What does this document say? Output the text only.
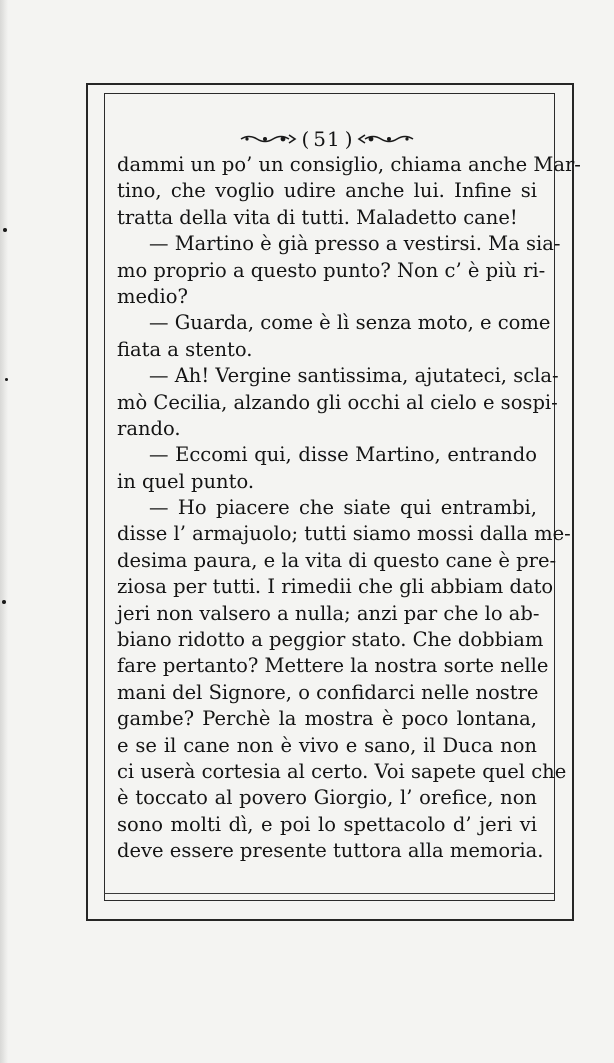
( 51 )
dammi un po’ un consiglio, chiama anche Mar-
tino, che voglio udire anche lui. Infine si
tratta della vita di tutti. Maladetto cane!
— Martino è già presso a vestirsi. Ma sia-
mo proprio a questo punto? Non c’ è più ri-
medio?
— Guarda, come è lì senza moto, e come
fiata a stento.
— Ah! Vergine santissima, ajutateci, sclа-
mò Cecilia, alzando gli occhi al cielo e sospi-
rando.
— Eccomi qui, disse Martino, entrando
in quel punto.
— Ho piacere che siate qui entrambi,
disse l’ armajuolo; tutti siamo mossi dalla me-
desima paura, e la vita di questo cane è pre-
ziosa per tutti. I rimedii che gli abbiam dato
jeri non valsero a nulla; anzi par che lo ab-
biano ridotto a peggior stato. Che dobbiam
fare pertanto? Mettere la nostra sorte nelle
mani del Signore, o confidarci nelle nostre
gambe? Perchè la mostra è poco lontana,
e se il cane non è vivo e sano, il Duca non
ci userà cortesia al certo. Voi sapete quel che
è toccato al povero Giorgio, l’ orefice, non
sono molti dì, e poi lo spettacolo d’ jeri vi
deve essere presente tuttora alla memoria.
